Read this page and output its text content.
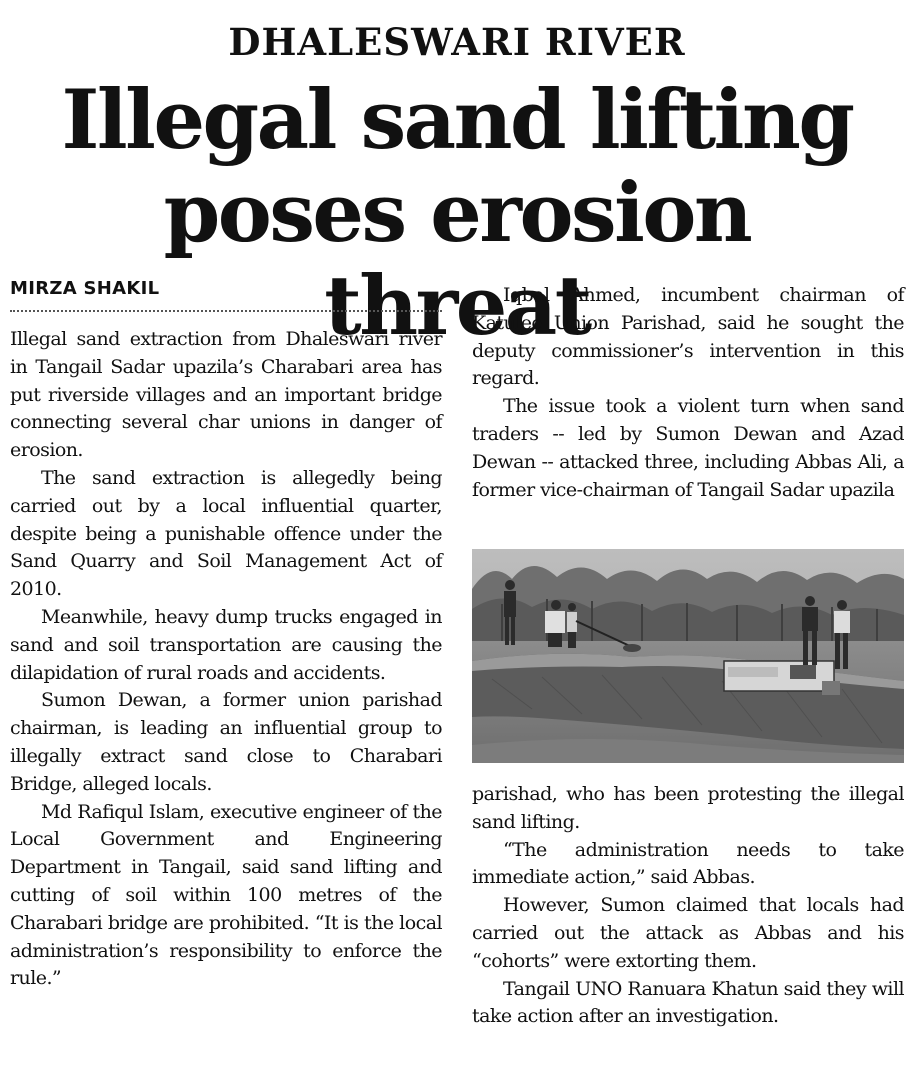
DHALESWARI RIVER
Illegal sand lifting
poses erosion threat
MIRZA SHAKIL

Illegal sand extraction from Dhaleswari river in Tangail Sadar upazila’s Charabari area has put riverside villages and an important bridge connecting several char unions in danger of erosion.

The sand extraction is allegedly being carried out by a local influential quarter, despite being a punishable offence under the Sand Quarry and Soil Management Act of 2010.

Meanwhile, heavy dump trucks engaged in sand and soil transportation are causing the dilapidation of rural roads and accidents.

Sumon Dewan, a former union parishad chairman, is leading an influential group to illegally extract sand close to Charabari Bridge, alleged locals.

Md Rafiqul Islam, executive engineer of the Local Government and Engineering Department in Tangail, said sand lifting and cutting of soil within 100 metres of the Charabari bridge are prohibited. “It is the local administration’s responsibility to enforce the rule.”

Iqbal Ahmed, incumbent chairman of Katulee Union Parishad, said he sought the deputy commissioner’s intervention in this regard.

The issue took a violent turn when sand traders -- led by Sumon Dewan and Azad Dewan -- attacked three, including Abbas Ali, a former vice-chairman of Tangail Sadar upazila

parishad, who has been protesting the illegal sand lifting.

“The administration needs to take immediate action,” said Abbas.

However, Sumon claimed that locals had carried out the attack as Abbas and his “cohorts” were extorting them.

Tangail UNO Ranuara Khatun said they will take action after an investigation.
